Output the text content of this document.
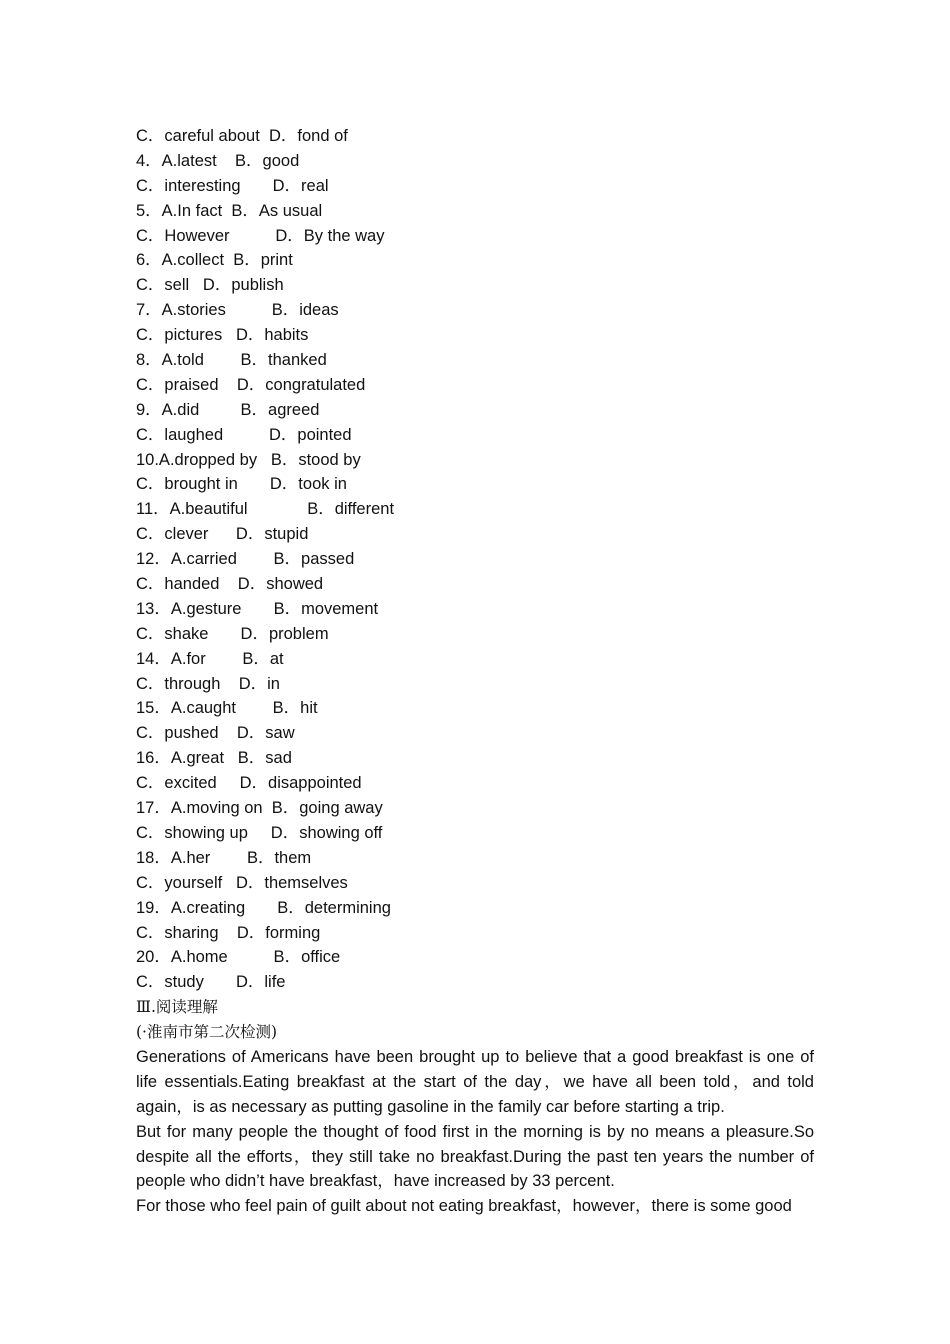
C．careful about  D．fond of
4．A.latest    B．good
C．interesting       D．real
5．A.In fact  B．As usual
C．However          D．By the way
6．A.collect  B．print
C．sell   D．publish
7．A.stories          B．ideas
C．pictures   D．habits
8．A.told        B．thanked
C．praised    D．congratulated
9．A.did         B．agreed
C．laughed          D．pointed
10.A.dropped by   B．stood by
C．brought in       D．took in
11．A.beautiful             B．different
C．clever      D．stupid
12．A.carried        B．passed
C．handed    D．showed
13．A.gesture       B．movement
C．shake       D．problem
14．A.for        B．at
C．through    D．in
15．A.caught        B．hit
C．pushed    D．saw
16．A.great   B．sad
C．excited     D．disappointed
17．A.moving on  B．going away
C．showing up     D．showing off
18．A.her        B．them
C．yourself   D．themselves
19．A.creating       B．determining
C．sharing    D．forming
20．A.home          B．office
C．study       D．life
Ⅲ.阅读理解
(·淮南市第二次检测)
Generations of Americans have been brought up to believe that a good breakfast is one of life essentials.Eating breakfast at the start of the day，we have all been told，and told again，is as necessary as putting gasoline in the family car before starting a trip.
But for many people the thought of food first in the morning is by no means a pleasure.So despite all the efforts，they still take no breakfast.During the past ten years the number of people who didn’t have breakfast，have increased by 33 percent.
For those who feel pain of guilt about not eating breakfast，however，there is some good
